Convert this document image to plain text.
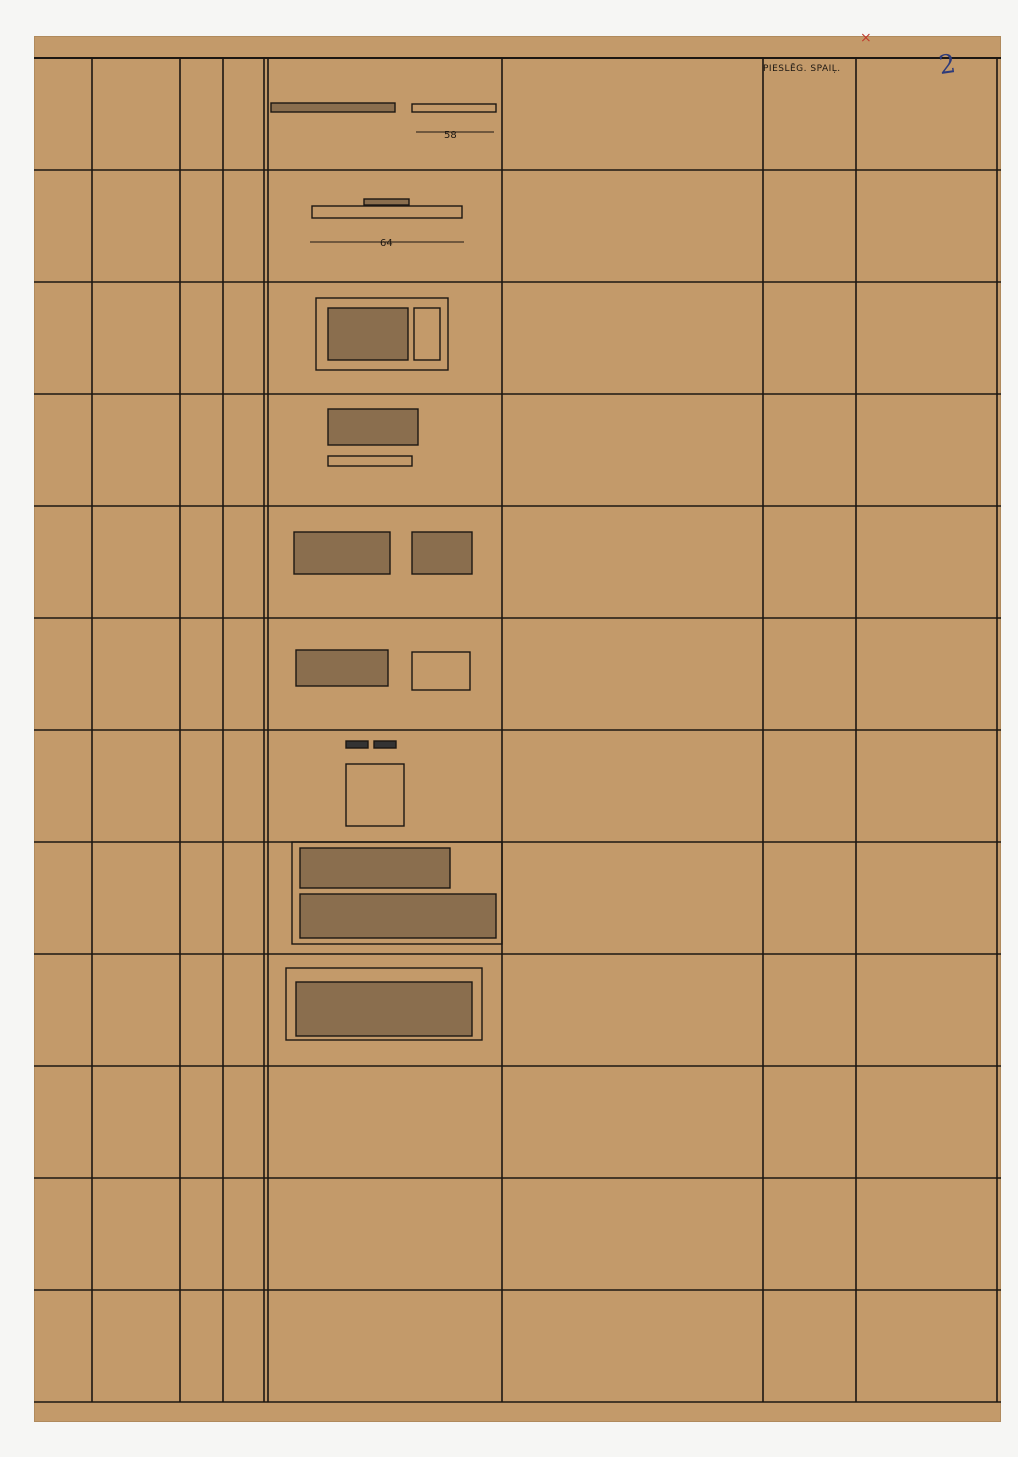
58
64
PIESLĒG. SPAIĻ.	2
×
